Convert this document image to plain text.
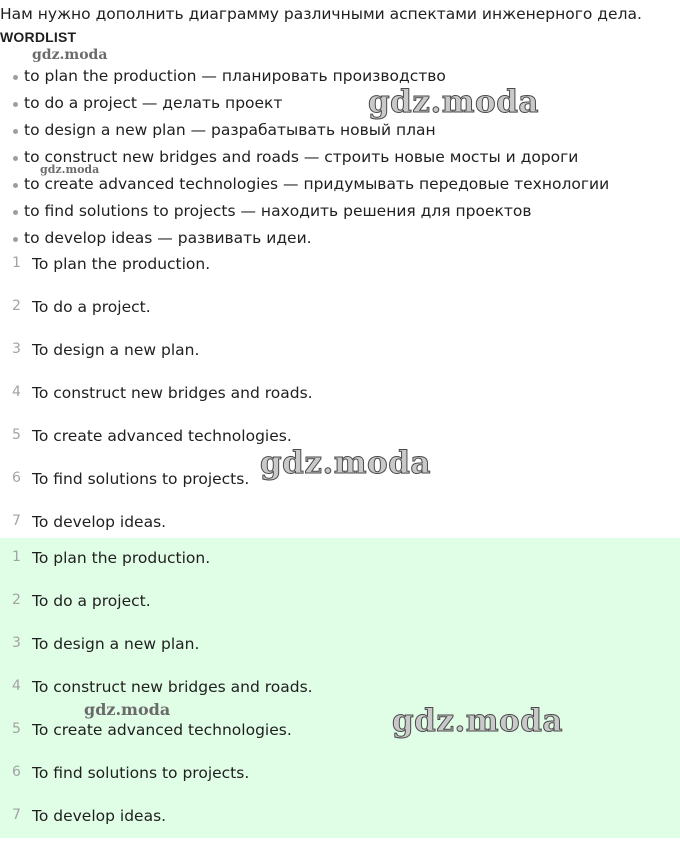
Нам нужно дополнить диаграмму различными аспектами инженерного дела.
WORDLIST
to plan the production — планировать производство
to do a project — делать проект
to design a new plan — разрабатывать новый план
to construct new bridges and roads — строить новые мосты и дороги
to create advanced technologies — придумывать передовые технологии
to find solutions to projects — находить решения для проектов
to develop ideas — развивать идеи.
1 To plan the production.
2 To do a project.
3 To design a new plan.
4 To construct new bridges and roads.
5 To create advanced technologies.
6 To find solutions to projects.
7 To develop ideas.
1 To plan the production.
2 To do a project.
3 To design a new plan.
4 To construct new bridges and roads.
5 To create advanced technologies.
6 To find solutions to projects.
7 To develop ideas.
gdz.moda
gdz.moda
gdz.moda
gdz.moda
gdz.moda	gdz.moda
